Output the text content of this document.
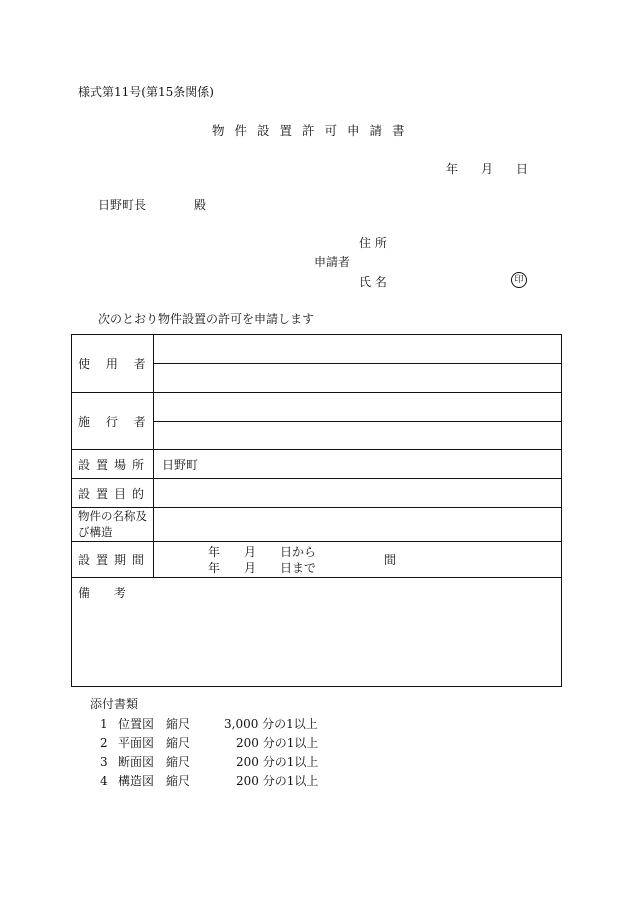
様式第11号(第15条関係)
物件設置許可申請書
年 月 日
日野町長	殿
住 所
申請者
氏 名	印
次のとおり物件設置の許可を申請します
使 用 者
施 行 者
設置場所 日野町
設置目的
物件の名称及び構造
設置期間
年 月 日から
年 月 日まで
間
備 考
添付書類
1 位置図 縮尺	3,000 分の1以上
2 平面図 縮尺	200 分の1以上
3 断面図 縮尺	200 分の1以上
4 構造図 縮尺	200 分の1以上
